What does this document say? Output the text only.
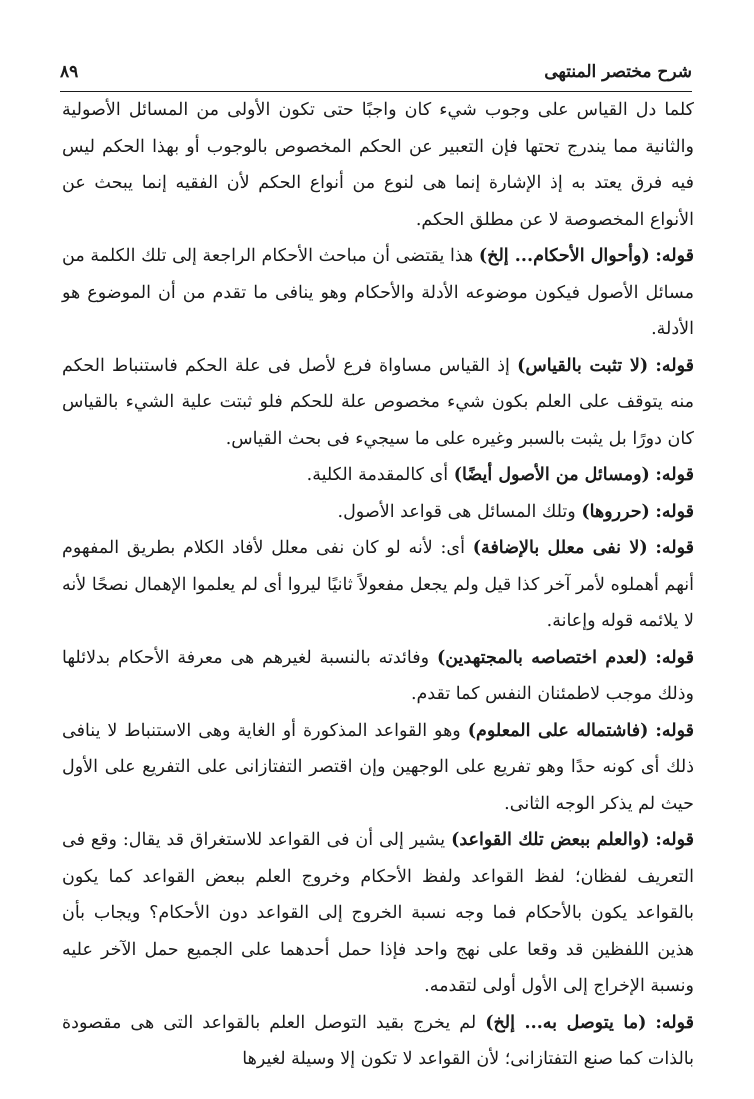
شرح مختصر المنتهى
٨٩

كلما دل القياس على وجوب شيء كان واجبًا حتى تكون الأولى من المسائل الأصولية والثانية مما يندرج تحتها فإن التعبير عن الحكم المخصوص بالوجوب أو بهذا الحكم ليس فيه فرق يعتد به إذ الإشارة إنما هى لنوع من أنواع الحكم لأن الفقيه إنما يبحث عن الأنواع المخصوصة لا عن مطلق الحكم.

قوله: (وأحوال الأحكام... إلخ) هذا يقتضى أن مباحث الأحكام الراجعة إلى تلك الكلمة من مسائل الأصول فيكون موضوعه الأدلة والأحكام وهو ينافى ما تقدم من أن الموضوع هو الأدلة.

قوله: (لا تثبت بالقياس) إذ القياس مساواة فرع لأصل فى علة الحكم فاستنباط الحكم منه يتوقف على العلم بكون شيء مخصوص علة للحكم فلو ثبتت علية الشيء بالقياس كان دورًا بل يثبت بالسبر وغيره على ما سيجيء فى بحث القياس.

قوله: (ومسائل من الأصول أيضًا) أى كالمقدمة الكلية.

قوله: (حرروها) وتلك المسائل هى قواعد الأصول.

قوله: (لا نفى معلل بالإضافة) أى: لأنه لو كان نفى معلل لأفاد الكلام بطريق المفهوم أنهم أهملوه لأمر آخر كذا قيل ولم يجعل مفعولاً ثانيًا ليروا أى لم يعلموا الإهمال نصحًا لأنه لا يلائمه قوله وإعانة.

قوله: (لعدم اختصاصه بالمجتهدين) وفائدته بالنسبة لغيرهم هى معرفة الأحكام بدلائلها وذلك موجب لاطمئنان النفس كما تقدم.

قوله: (فاشتماله على المعلوم) وهو القواعد المذكورة أو الغاية وهى الاستنباط لا ينافى ذلك أى كونه حدًا وهو تفريع على الوجهين وإن اقتصر التفتازانى على التفريع على الأول حيث لم يذكر الوجه الثانى.

قوله: (والعلم ببعض تلك القواعد) يشير إلى أن فى القواعد للاستغراق قد يقال: وقع فى التعريف لفظان؛ لفظ القواعد ولفظ الأحكام وخروج العلم ببعض القواعد كما يكون بالقواعد يكون بالأحكام فما وجه نسبة الخروج إلى القواعد دون الأحكام؟ ويجاب بأن هذين اللفظين قد وقعا على نهج واحد فإذا حمل أحدهما على الجميع حمل الآخر عليه ونسبة الإخراج إلى الأول أولى لتقدمه.

قوله: (ما يتوصل به... إلخ) لم يخرج بقيد التوصل العلم بالقواعد التى هى مقصودة بالذات كما صنع التفتازانى؛ لأن القواعد لا تكون إلا وسيلة لغيرها
